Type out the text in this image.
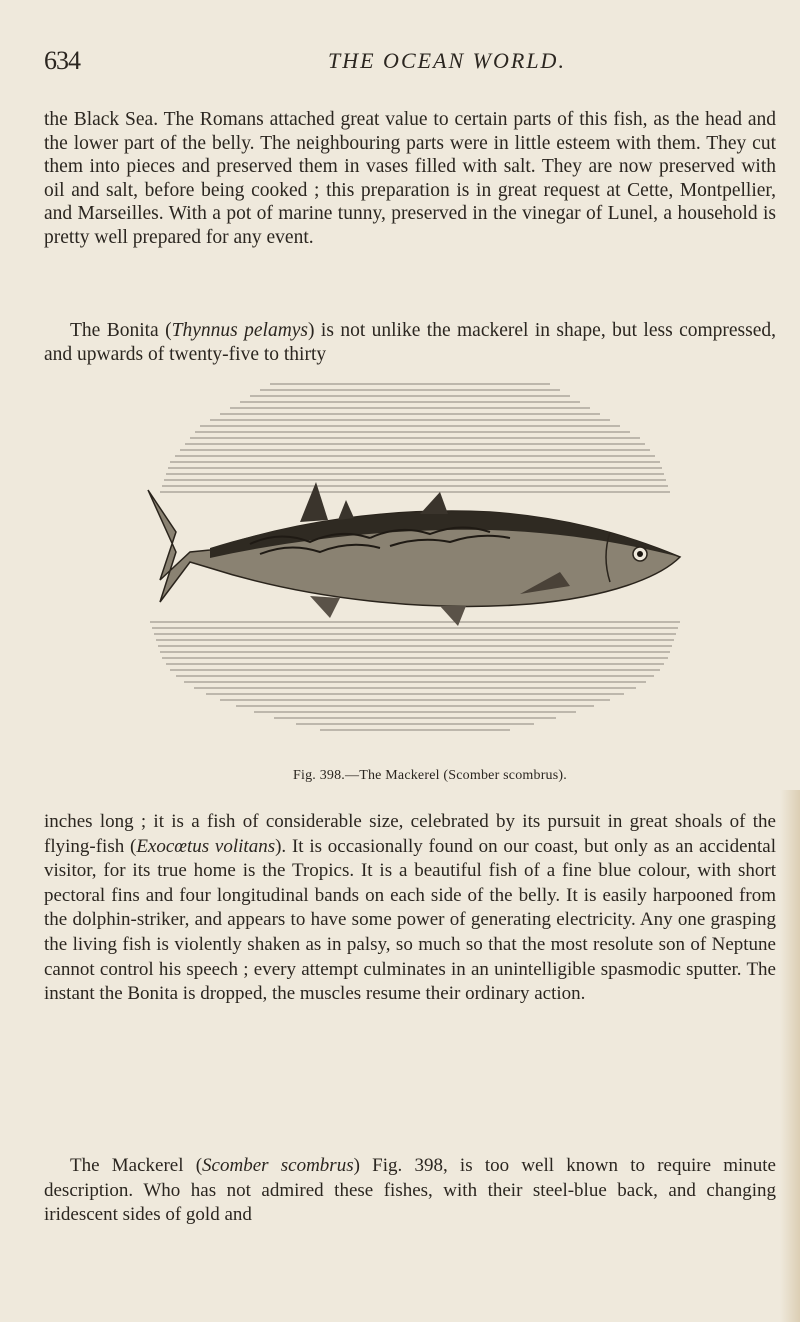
634	THE OCEAN WORLD.

the Black Sea. The Romans attached great value to certain parts of this fish, as the head and the lower part of the belly. The neighbouring parts were in little esteem with them. They cut them into pieces and preserved them in vases filled with salt. They are now preserved with oil and salt, before being cooked ; this preparation is in great request at Cette, Montpellier, and Marseilles. With a pot of marine tunny, preserved in the vinegar of Lunel, a household is pretty well prepared for any event.

The Bonita (Thynnus pelamys) is not unlike the mackerel in shape, but less compressed, and upwards of twenty-five to thirty

Fig. 398.—The Mackerel (Scomber scombrus).

inches long ; it is a fish of considerable size, celebrated by its pursuit in great shoals of the flying-fish (Exocœtus volitans). It is occasionally found on our coast, but only as an accidental visitor, for its true home is the Tropics. It is a beautiful fish of a fine blue colour, with short pectoral fins and four longitudinal bands on each side of the belly. It is easily harpooned from the dolphin-striker, and appears to have some power of generating electricity. Any one grasping the living fish is violently shaken as in palsy, so much so that the most resolute son of Neptune cannot control his speech ; every attempt culminates in an unintelligible spasmodic sputter. The instant the Bonita is dropped, the muscles resume their ordinary action.

The Mackerel (Scomber scombrus) Fig. 398, is too well known to require minute description. Who has not admired these fishes, with their steel-blue back, and changing iridescent sides of gold and
